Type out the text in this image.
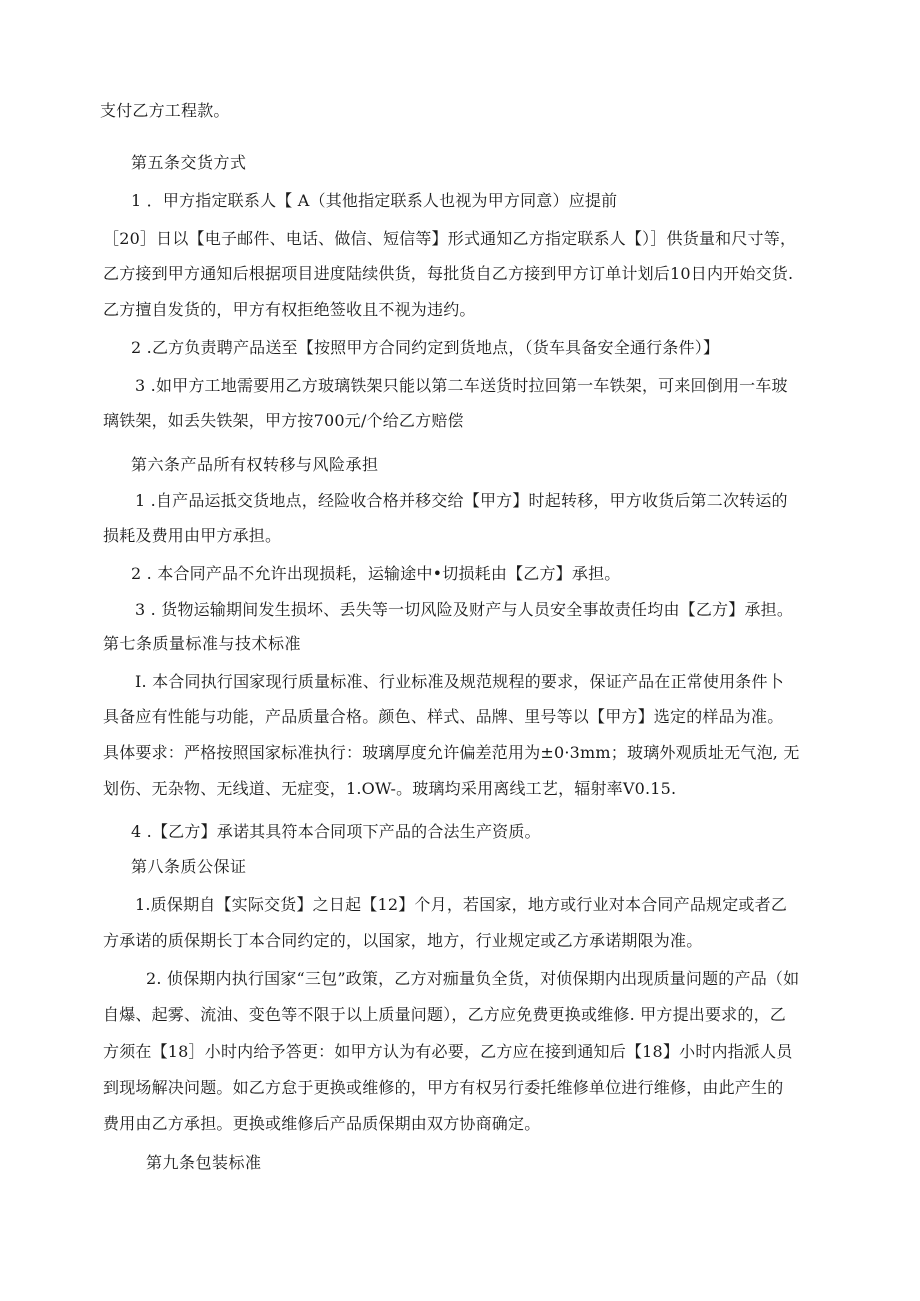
支付乙方工程款。
第五条交货方式
1 ．甲方指定联系人【 A（其他指定联系人也视为甲方同意）应提前
［20］日以【电子邮件、电话、做信、短信等】形式通知乙方指定联系人【）］供货量和尺寸等，
乙方接到甲方通知后根据项目进度陆续供货，每批货自乙方接到甲方订单计划后10日内开始交货.
乙方擅自发货的，甲方有权拒绝签收且不视为违约。
2 .乙方负责聘产品送至【按照甲方合同约定到货地点，（货车具备安全通行条件）】
3 .如甲方工地需要用乙方玻璃铁架只能以第二车送货时拉回第一车铁架，可来回倒用一车玻
璃铁架，如丢失铁架，甲方按700元/个给乙方赔偿
第六条产品所有权转移与风险承担
1 .自产品运抵交货地点，经险收合格并移交给【甲方】时起转移，甲方收货后第二次转运的
损耗及费用由甲方承担。
2 . 本合同产品不允许出现损耗，运输途中•切损耗由【乙方】承担。
3 . 货物运输期间发生损坏、丢失等一切风险及财产与人员安全事故责任均由【乙方】承担。
第七条质量标准与技术标准
I. 本合同执行国家现行质量标准、行业标准及规范规程的要求，保证产品在正常使用条件卜
具备应有性能与功能，产品质量合格。颜色、样式、品牌、里号等以【甲方】选定的样品为准。
具体要求：严格按照国家标准执行：玻璃厚度允许偏差范用为±0·3mm；玻璃外观质址无气泡, 无
划伤、无杂物、无线道、无症变，1.OW-。玻璃均采用离线工艺，辐射率V0.15.
4 .【乙方】承诺其具符本合同项下产品的合法生产资质。
第八条质公保证
1.质保期自【实际交货】之日起【12】个月，若国家，地方或行业对本合同产品规定或者乙
方承诺的质保期长丁本合同约定的，以国家，地方，行业规定或乙方承诺期限为准。
2. 侦保期内执行国家“三包”政策，乙方对痂量负全货，对侦保期内出现质量问题的产品（如
自爆、起雾、流油、变色等不限于以上质量问题），乙方应免费更换或维修. 甲方提出要求的，乙
方须在【18］小时内给予答更：如甲方认为有必要，乙方应在接到通知后【18】小时内指派人员
到现场解决问题。如乙方怠于更换或维修的，甲方有权另行委托维修单位进行维修，由此产生的
费用由乙方承担。更换或维修后产品质保期由双方协商确定。
第九条包装标准
